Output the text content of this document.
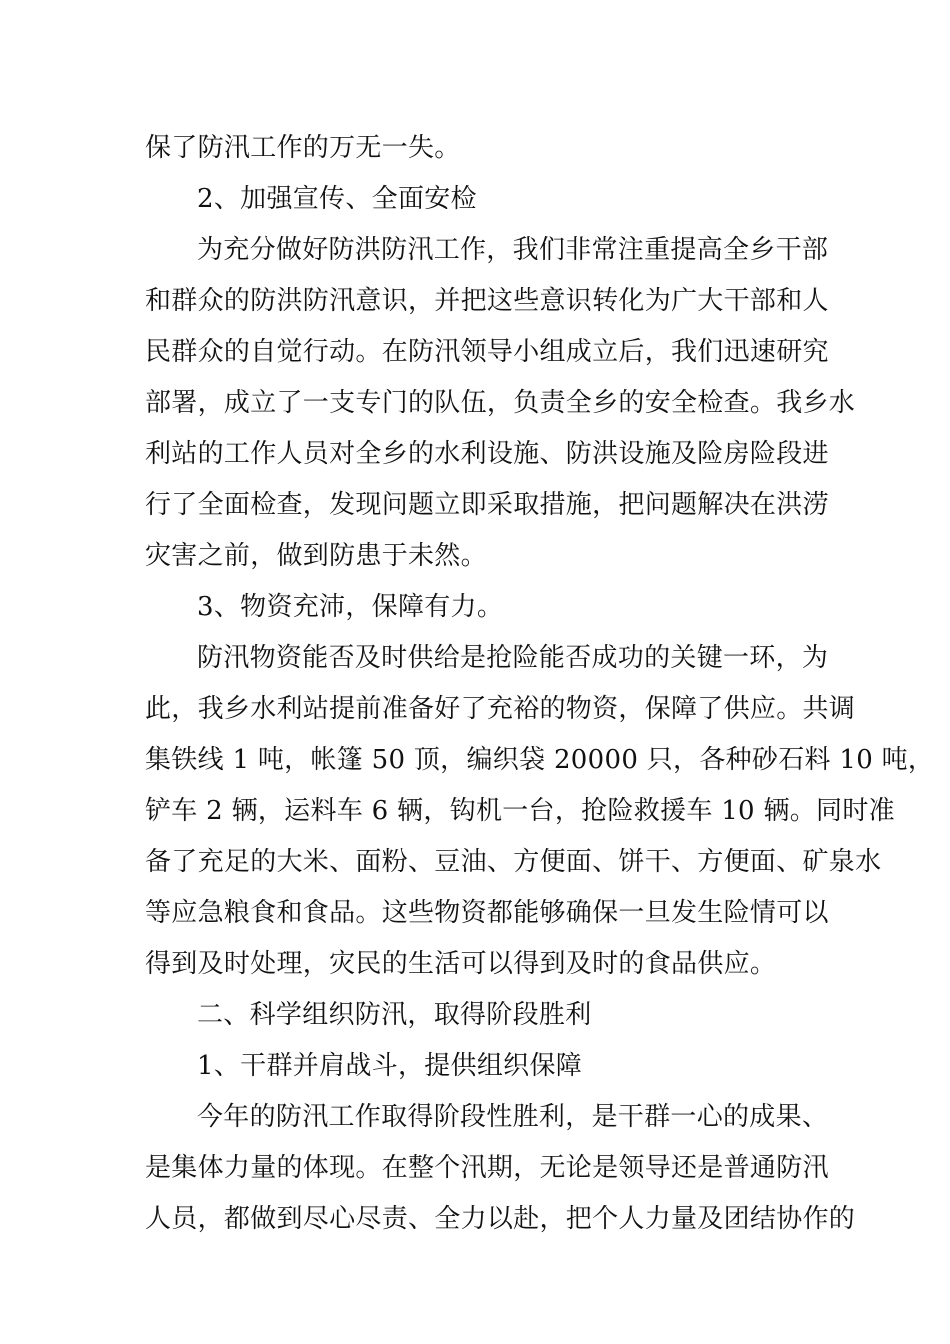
保了防汛工作的万无一失。
2、加强宣传、全面安检
为充分做好防洪防汛工作，我们非常注重提高全乡干部
和群众的防洪防汛意识，并把这些意识转化为广大干部和人
民群众的自觉行动。在防汛领导小组成立后，我们迅速研究
部署，成立了一支专门的队伍，负责全乡的安全检查。我乡水
利站的工作人员对全乡的水利设施、防洪设施及险房险段进
行了全面检查，发现问题立即采取措施，把问题解决在洪涝
灾害之前，做到防患于未然。
3、物资充沛，保障有力。
防汛物资能否及时供给是抢险能否成功的关键一环，为
此，我乡水利站提前准备好了充裕的物资，保障了供应。共调
集铁线 1 吨，帐篷 50 顶，编织袋 20000 只，各种砂石料 10 吨，
铲车 2 辆，运料车 6 辆，钩机一台，抢险救援车 10 辆。同时准
备了充足的大米、面粉、豆油、方便面、饼干、方便面、矿泉水
等应急粮食和食品。这些物资都能够确保一旦发生险情可以
得到及时处理，灾民的生活可以得到及时的食品供应。
二、科学组织防汛，取得阶段胜利
1、干群并肩战斗，提供组织保障
今年的防汛工作取得阶段性胜利，是干群一心的成果、
是集体力量的体现。在整个汛期，无论是领导还是普通防汛
人员，都做到尽心尽责、全力以赴，把个人力量及团结协作的
